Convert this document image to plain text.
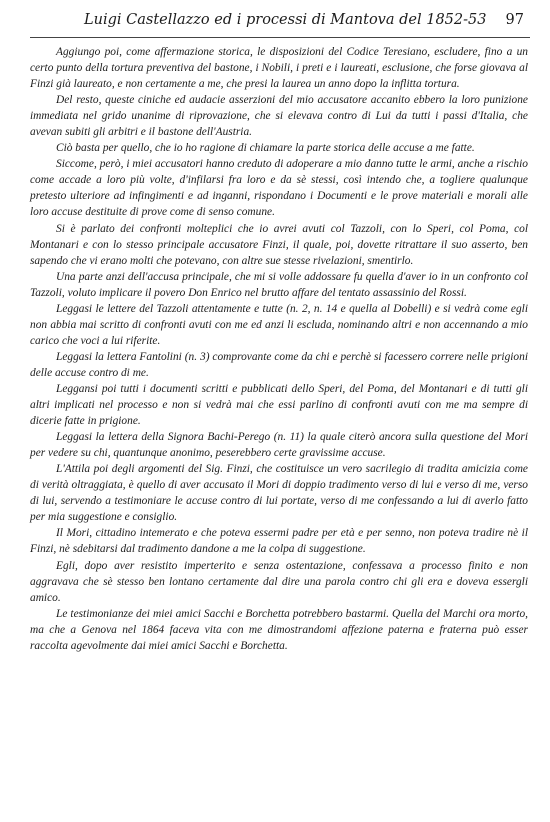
Luigi Castellazzo ed i processi di Mantova del 1852-53 97

Aggiungo poi, come affermazione storica, le disposizioni del Codice Teresiano, escludere, fino a un certo punto della tortura preventiva del bastone, i Nobili, i preti e i laureati, esclusione, che forse giovava al Finzi già laureato, e non certamente a me, che presi la laurea un anno dopo la inflitta tortura.

Del resto, queste ciniche ed audacie asserzioni del mio accusatore accanito ebbero la loro punizione immediata nel grido unanime di riprovazione, che si elevava contro di Lui da tutti i passi d'Italia, che avevan subiti gli arbitri e il bastone dell'Austria.

Ciò basta per quello, che io ho ragione di chiamare la parte storica delle accuse a me fatte.

Siccome, però, i miei accusatori hanno creduto di adoperare a mio danno tutte le armi, anche a rischio come accade a loro più volte, d'infilarsi fra loro e da sè stessi, così intendo che, a togliere qualunque pretesto ulteriore ad infingimenti e ad inganni, rispondano i Documenti e le prove materiali e morali alle loro accuse destituite di prove come di senso comune.

Si è parlato dei confronti molteplici che io avrei avuti col Tazzoli, con lo Speri, col Poma, col Montanari e con lo stesso principale accusatore Finzi, il quale, poi, dovette ritrattare il suo asserto, ben sapendo che vi erano molti che potevano, con altre sue stesse rivelazioni, smentirlo.

Una parte anzi dell'accusa principale, che mi si volle addossare fu quella d'aver io in un confronto col Tazzoli, voluto implicare il povero Don Enrico nel brutto affare del tentato assassinio del Rossi.

Leggasi le lettere del Tazzoli attentamente e tutte (n. 2, n. 14 e quella al Dobelli) e si vedrà come egli non abbia mai scritto di confronti avuti con me ed anzi li escluda, nominando altri e non accennando a mio carico che voci a lui riferite.

Leggasi la lettera Fantolini (n. 3) comprovante come da chi e perchè si facessero correre nelle prigioni delle accuse contro di me.

Leggansi poi tutti i documenti scritti e pubblicati dello Speri, del Poma, del Montanari e di tutti gli altri implicati nel processo e non si vedrà mai che essi parlino di confronti avuti con me ma sempre di dicerie fatte in prigione.

Leggasi la lettera della Signora Bachi-Perego (n. 11) la quale citerò ancora sulla questione del Mori per vedere su chi, quantunque anonimo, peserebbero certe gravissime accuse.

L'Attila poi degli argomenti del Sig. Finzi, che costituisce un vero sacrilegio di tradita amicizia come di verità oltraggiata, è quello di aver accusato il Mori di doppio tradimento verso di lui e verso di me, verso di lui, servendo a testimoniare le accuse contro di lui portate, verso di me confessando a lui di averlo fatto per mia suggestione e consiglio.

Il Mori, cittadino intemerato e che poteva essermi padre per età e per senno, non poteva tradire nè il Finzi, nè sdebitarsi dal tradimento dandone a me la colpa di suggestione.

Egli, dopo aver resistito imperterito e senza ostentazione, confessava a processo finito e non aggravava che sè stesso ben lontano certamente dal dire una parola contro chi gli era e doveva essergli amico.

Le testimonianze dei miei amici Sacchi e Borchetta potrebbero bastarmi. Quella del Marchi ora morto, ma che a Genova nel 1864 faceva vita con me dimostrandomi affezione paterna e fraterna può esser raccolta agevolmente dai miei amici Sacchi e Borchetta.
